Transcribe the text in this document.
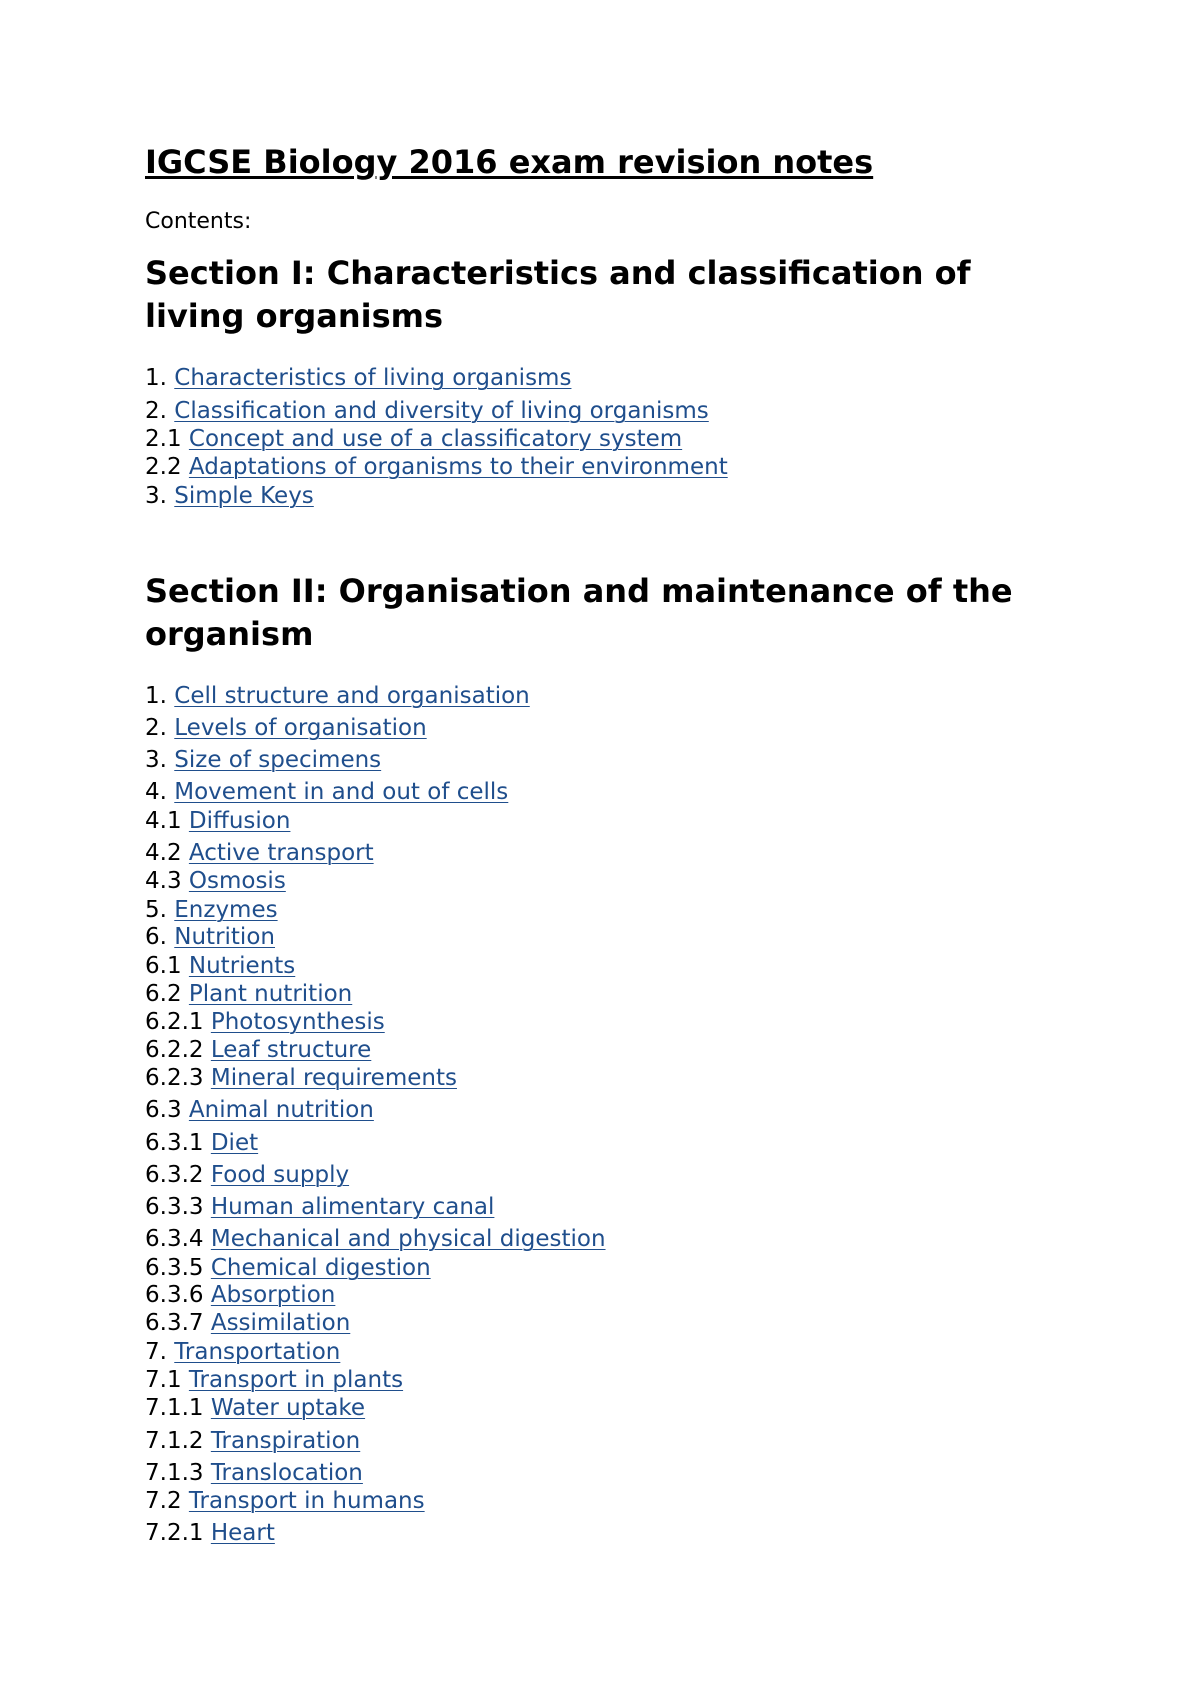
IGCSE Biology 2016 exam revision notes

Contents:

Section I: Characteristics and classification of living organisms

1. Characteristics of living organisms

2. Classification and diversity of living organisms

2.1 Concept and use of a classificatory system

2.2 Adaptations of organisms to their environment

3. Simple Keys

Section II: Organisation and maintenance of the organism

1. Cell structure and organisation

2. Levels of organisation

3. Size of specimens

4. Movement in and out of cells

4.1 Diffusion

4.2 Active transport

4.3 Osmosis

5. Enzymes

6. Nutrition

6.1 Nutrients

6.2 Plant nutrition

6.2.1 Photosynthesis

6.2.2 Leaf structure

6.2.3 Mineral requirements

6.3 Animal nutrition

6.3.1 Diet

6.3.2 Food supply

6.3.3 Human alimentary canal

6.3.4 Mechanical and physical digestion

6.3.5 Chemical digestion

6.3.6 Absorption

6.3.7 Assimilation

7. Transportation

7.1 Transport in plants

7.1.1 Water uptake

7.1.2 Transpiration

7.1.3 Translocation

7.2 Transport in humans

7.2.1 Heart
